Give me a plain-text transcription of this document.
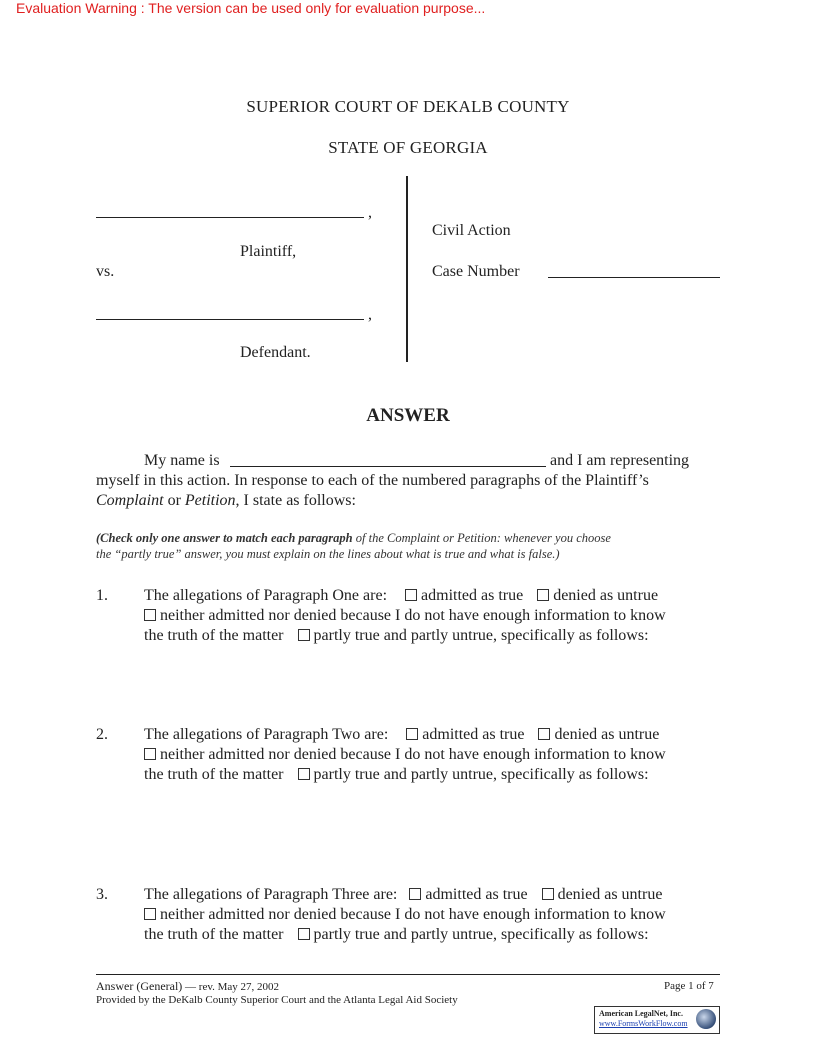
Evaluation Warning : The version can be used only for evaluation purpose...
SUPERIOR COURT OF DEKALB COUNTY
STATE OF GEORGIA
,
Plaintiff,
vs.
,
Defendant.
Civil Action
Case Number
ANSWER
My name is	and I am representing
myself in this action. In response to each of the numbered paragraphs of the Plaintiff’s
Complaint or Petition, I state as follows:
(Check only one answer to match each paragraph of the Complaint or Petition: whenever you choose
the “partly true” answer, you must explain on the lines about what is true and what is false.)
1. The allegations of Paragraph One are: admitted as true denied as untrue
neither admitted nor denied because I do not have enough information to know
the truth of the matter partly true and partly untrue, specifically as follows:
2. The allegations of Paragraph Two are: admitted as true denied as untrue
neither admitted nor denied because I do not have enough information to know
the truth of the matter partly true and partly untrue, specifically as follows:
3. The allegations of Paragraph Three are: admitted as true denied as untrue
neither admitted nor denied because I do not have enough information to know
the truth of the matter partly true and partly untrue, specifically as follows:
Answer (General) — rev. May 27, 2002	Page 1 of 7
Provided by the DeKalb County Superior Court and the Atlanta Legal Aid Society
American LegalNet, Inc.
www.FormsWorkFlow.com
